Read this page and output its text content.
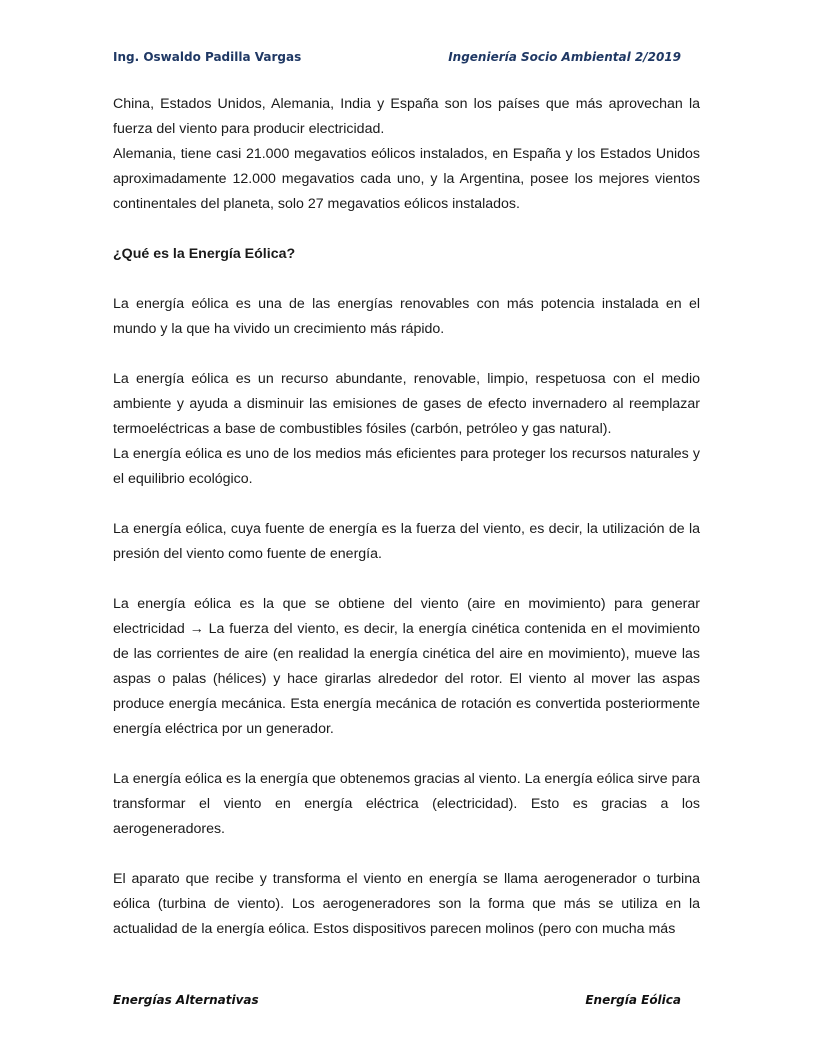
Ing. Oswaldo Padilla Vargas	Ingeniería Socio Ambiental 2/2019

China, Estados Unidos, Alemania, India y España son los países que más aprovechan la fuerza del viento para producir electricidad.

Alemania, tiene casi 21.000 megavatios eólicos instalados, en España y los Estados Unidos aproximadamente 12.000 megavatios cada uno, y la Argentina, posee los mejores vientos continentales del planeta, solo 27 megavatios eólicos instalados.

¿Qué es la Energía Eólica?

La energía eólica es una de las energías renovables con más potencia instalada en el mundo y la que ha vivido un crecimiento más rápido.

La energía eólica es un recurso abundante, renovable, limpio, respetuosa con el medio ambiente y ayuda a disminuir las emisiones de gases de efecto invernadero al reemplazar termoeléctricas a base de combustibles fósiles (carbón, petróleo y gas natural).

La energía eólica es uno de los medios más eficientes para proteger los recursos naturales y el equilibrio ecológico.

La energía eólica, cuya fuente de energía es la fuerza del viento, es decir, la utilización de la presión del viento como fuente de energía.

La energía eólica es la que se obtiene del viento (aire en movimiento) para generar electricidad → La fuerza del viento, es decir, la energía cinética contenida en el movimiento de las corrientes de aire (en realidad la energía cinética del aire en movimiento), mueve las aspas o palas (hélices) y hace girarlas alrededor del rotor. El viento al mover las aspas produce energía mecánica. Esta energía mecánica de rotación es convertida posteriormente energía eléctrica por un generador.

La energía eólica es la energía que obtenemos gracias al viento. La energía eólica sirve para transformar el viento en energía eléctrica (electricidad). Esto es gracias a los aerogeneradores.

El aparato que recibe y transforma el viento en energía se llama aerogenerador o turbina eólica (turbina de viento). Los aerogeneradores son la forma que más se utiliza en la actualidad de la energía eólica. Estos dispositivos parecen molinos (pero con mucha más

Energías Alternativas	Energía Eólica
